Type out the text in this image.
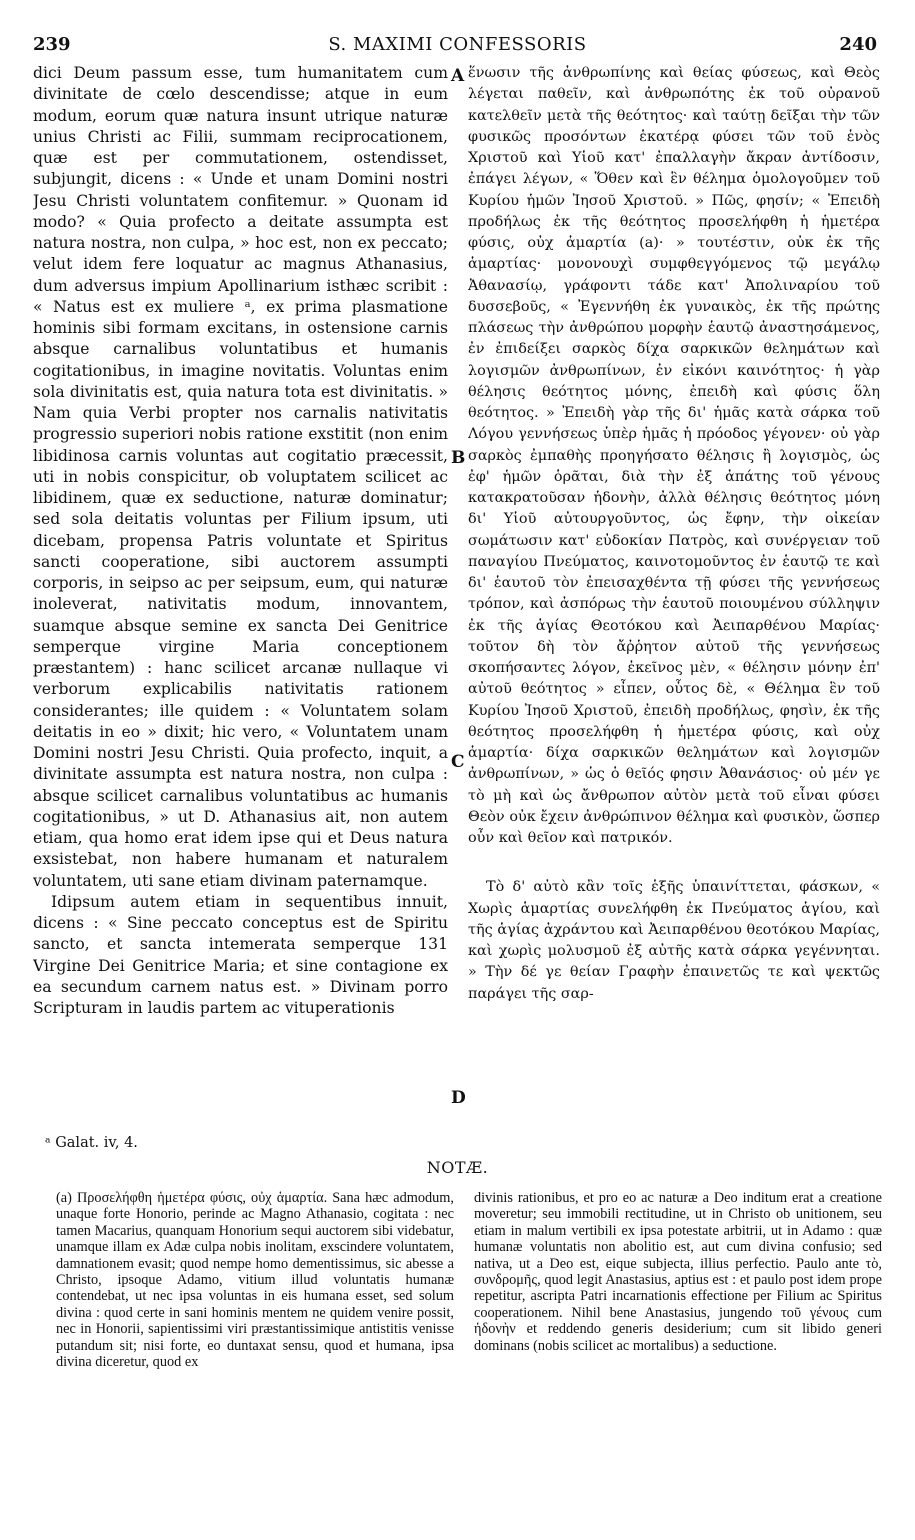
239	S. MAXIMI CONFESSORIS	240

dici Deum passum esse, tum humanitatem cum divinitate de cœlo descendisse; atque in eum modum, eorum quæ natura insunt utrique naturæ unius Christi ac Filii, summam reciprocationem, quæ est per commutationem, ostendisset, subjungit, dicens : « Unde et unam Domini nostri Jesu Christi voluntatem confitemur. » Quonam id modo? « Quia profecto a deitate assumpta est natura nostra, non culpa, » hoc est, non ex peccato; velut idem fere loquatur ac magnus Athanasius, dum adversus impium Apollinarium isthæc scribit : « Natus est ex muliere ᵃ, ex prima plasmatione hominis sibi formam excitans, in ostensione carnis absque carnalibus voluntatibus et humanis cogitationibus, in imagine novitatis. Voluntas enim sola divinitatis est, quia natura tota est divinitatis. » Nam quia Verbi propter nos carnalis nativitatis progressio superiori nobis ratione exstitit (non enim libidinosa carnis voluntas aut cogitatio præcessit, uti in nobis conspicitur, ob voluptatem scilicet ac libidinem, quæ ex seductione, naturæ dominatur; sed sola deitatis voluntas per Filium ipsum, uti dicebam, propensa Patris voluntate et Spiritus sancti cooperatione, sibi auctorem assumpti corporis, in seipso ac per seipsum, eum, qui naturæ inoleverat, nativitatis modum, innovantem, suamque absque semine ex sancta Dei Genitrice semperque virgine Maria conceptionem præstantem) : hanc scilicet arcanæ nullaque vi verborum explicabilis nativitatis rationem considerantes; ille quidem : « Voluntatem solam deitatis in eo » dixit; hic vero, « Voluntatem unam Domini nostri Jesu Christi. Quia profecto, inquit, a divinitate assumpta est natura nostra, non culpa : absque scilicet carnalibus voluntatibus ac humanis cogitationibus, » ut D. Athanasius ait, non autem etiam, qua homo erat idem ipse qui et Deus natura exsistebat, non habere humanam et naturalem voluntatem, uti sane etiam divinam paternamque.

Idipsum autem etiam in sequentibus innuit, dicens : « Sine peccato conceptus est de Spiritu sancto, et sancta intemerata semperque 131 Virgine Dei Genitrice Maria; et sine contagione ex ea secundum carnem natus est. » Divinam porro Scripturam in laudis partem ac vituperationis

ἕνωσιν τῆς ἀνθρωπίνης καὶ θείας φύσεως, καὶ Θεὸς λέγεται παθεῖν, καὶ ἀνθρωπότης ἐκ τοῦ οὐρανοῦ κατελθεῖν μετὰ τῆς θεότητος· καὶ ταύτῃ δεῖξαι τὴν τῶν φυσικῶς προσόντων ἑκατέρᾳ φύσει τῶν τοῦ ἑνὸς Χριστοῦ καὶ Υἱοῦ κατ' ἐπαλλαγὴν ἄκραν ἀντίδοσιν, ἐπάγει λέγων, « Ὅθεν καὶ ἓν θέλημα ὁμολογοῦμεν τοῦ Κυρίου ἡμῶν Ἰησοῦ Χριστοῦ. » Πῶς, φησίν; « Ἐπειδὴ προδήλως ἐκ τῆς θεότητος προσελήφθη ἡ ἡμετέρα φύσις, οὐχ ἁμαρτία (a)· » τουτέστιν, οὐκ ἐκ τῆς ἁμαρτίας· μονονουχὶ συμφθεγγόμενος τῷ μεγάλῳ Ἀθανασίῳ, γράφοντι τάδε κατ' Ἀπολιναρίου τοῦ δυσσεβοῦς, « Ἐγεννήθη ἐκ γυναικὸς, ἐκ τῆς πρώτης πλάσεως τὴν ἀνθρώπου μορφὴν ἑαυτῷ ἀναστησάμενος, ἐν ἐπιδείξει σαρκὸς δίχα σαρκικῶν θελημάτων καὶ λογισμῶν ἀνθρωπίνων, ἐν εἰκόνι καινότητος· ἡ γὰρ θέλησις θεότητος μόνης, ἐπειδὴ καὶ φύσις ὅλη θεότητος. » Ἐπειδὴ γὰρ τῆς δι' ἡμᾶς κατὰ σάρκα τοῦ Λόγου γεννήσεως ὑπὲρ ἡμᾶς ἡ πρόοδος γέγονεν· οὐ γὰρ σαρκὸς ἐμπαθὴς προηγήσατο θέλησις ἢ λογισμὸς, ὡς ἐφ' ἡμῶν ὁρᾶται, διὰ τὴν ἐξ ἀπάτης τοῦ γένους κατακρατοῦσαν ἡδονὴν, ἀλλὰ θέλησις θεότητος μόνη δι' Υἱοῦ αὐτουργοῦντος, ὡς ἔφην, τὴν οἰκείαν σωμάτωσιν κατ' εὐδοκίαν Πατρὸς, καὶ συνέργειαν τοῦ παναγίου Πνεύματος, καινοτομοῦντος ἐν ἑαυτῷ τε καὶ δι' ἑαυτοῦ τὸν ἐπεισαχθέντα τῇ φύσει τῆς γεννήσεως τρόπον, καὶ ἀσπόρως τὴν ἑαυτοῦ ποιουμένου σύλληψιν ἐκ τῆς ἁγίας Θεοτόκου καὶ Ἀειπαρθένου Μαρίας· τοῦτον δὴ τὸν ἄῤῥητον αὐτοῦ τῆς γεννήσεως σκοπήσαντες λόγον, ἐκεῖνος μὲν, « θέλησιν μόνην ἐπ' αὐτοῦ θεότητος » εἶπεν, οὗτος δὲ, « Θέλημα ἓν τοῦ Κυρίου Ἰησοῦ Χριστοῦ, ἐπειδὴ προδήλως, φησὶν, ἐκ τῆς θεότητος προσελήφθη ἡ ἡμετέρα φύσις, καὶ οὐχ ἁμαρτία· δίχα σαρκικῶν θελημάτων καὶ λογισμῶν ἀνθρωπίνων, » ὡς ὁ θεῖός φησιν Ἀθανάσιος· οὐ μέν γε τὸ μὴ καὶ ὡς ἄνθρωπον αὐτὸν μετὰ τοῦ εἶναι φύσει Θεὸν οὐκ ἔχειν ἀνθρώπινον θέλημα καὶ φυσικὸν, ὥσπερ οὖν καὶ θεῖον καὶ πατρικόν.

Τὸ δ' αὐτὸ κἂν τοῖς ἑξῆς ὑπαινίττεται, φάσκων, « Χωρὶς ἁμαρτίας συνελήφθη ἐκ Πνεύματος ἁγίου, καὶ τῆς ἁγίας ἀχράντου καὶ Ἀειπαρθένου θεοτόκου Μαρίας, καὶ χωρὶς μολυσμοῦ ἐξ αὐτῆς κατὰ σάρκα γεγέννηται. » Τὴν δέ γε θείαν Γραφὴν ἐπαινετῶς τε καὶ ψεκτῶς παράγει τῆς σαρ-

A
B
C
D
ᵃ Galat. iv, 4.
NOTÆ.

(a) Προσελήφθη ἡμετέρα φύσις, οὐχ ἁμαρτία. Sana hæc admodum, unaque forte Honorio, perinde ac Magno Athanasio, cogitata : nec tamen Macarius, quanquam Honorium sequi auctorem sibi videbatur, unamque illam ex Adæ culpa nobis inolitam, exscindere voluntatem, damnationem evasit; quod nempe homo dementissimus, sic abesse a Christo, ipsoque Adamo, vitium illud voluntatis humanæ contendebat, ut nec ipsa voluntas in eis humana esset, sed solum divina : quod certe in sani hominis mentem ne quidem venire possit, nec in Honorii, sapientissimi viri præstantissimique antistitis venisse putandum sit; nisi forte, eo duntaxat sensu, quod et humana, ipsa divina diceretur, quod ex

divinis rationibus, et pro eo ac naturæ a Deo inditum erat a creatione moveretur; seu immobili rectitudine, ut in Christo ob unitionem, seu etiam in malum vertibili ex ipsa potestate arbitrii, ut in Adamo : quæ humanæ voluntatis non abolitio est, aut cum divina confusio; sed nativa, ut a Deo est, eique subjecta, illius perfectio. Paulo ante τὸ, συνδρομῆς, quod legit Anastasius, aptius est : et paulo post idem prope repetitur, ascripta Patri incarnationis effectione per Filium ac Spiritus cooperationem. Nihil bene Anastasius, jungendo τοῦ γένους cum ἡδονὴν et reddendo generis desiderium; cum sit libido generi dominans (nobis scilicet ac mortalibus) a seductione.
